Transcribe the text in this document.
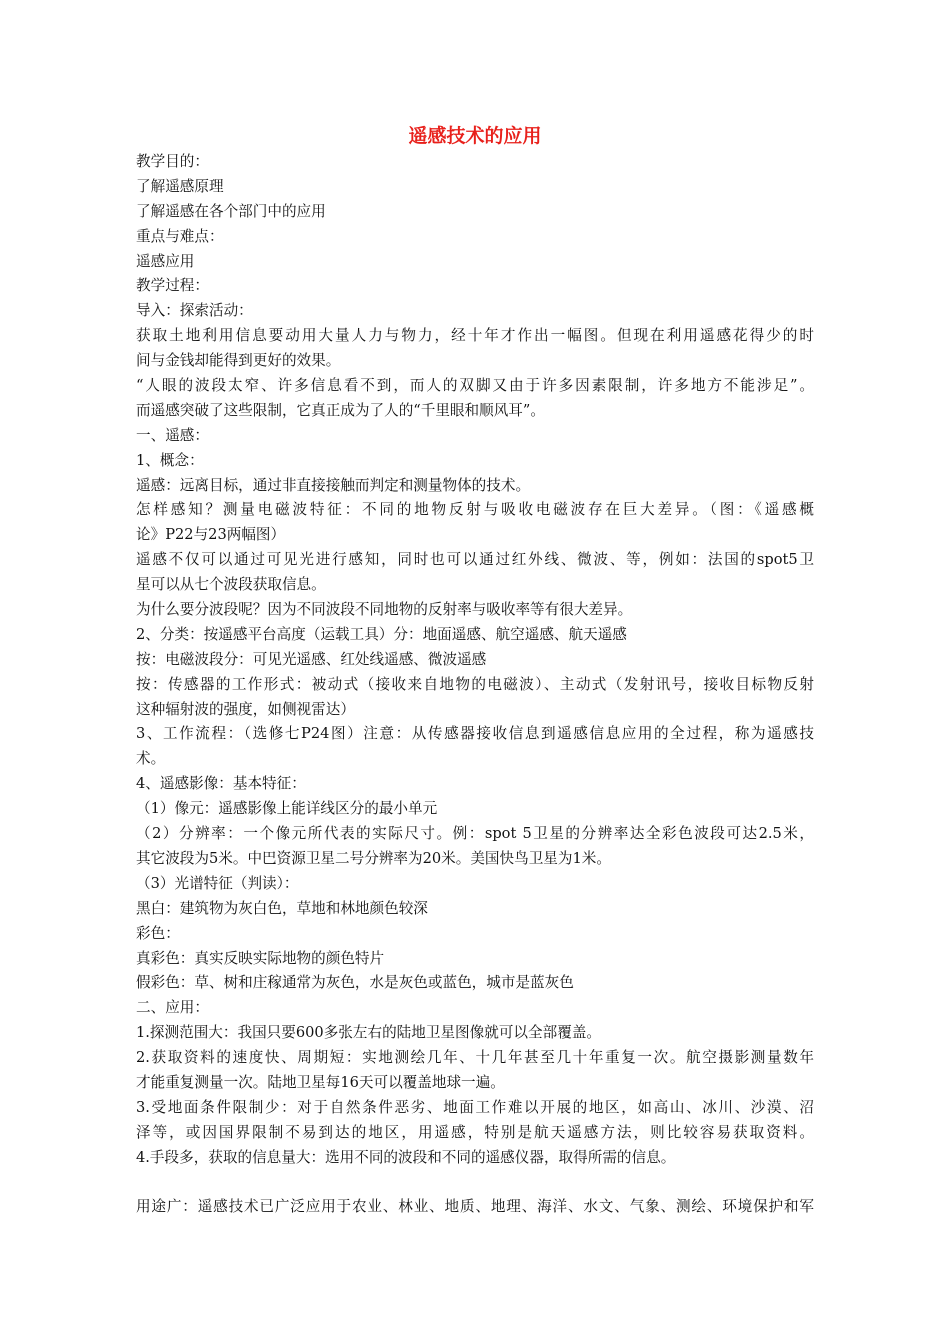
遥感技术的应用
教学目的：
了解遥感原理
了解遥感在各个部门中的应用
重点与难点：
遥感应用
教学过程：
导入：探索活动：
获取土地利用信息要动用大量人力与物力，经十年才作出一幅图。但现在利用遥感花得少的时
间与金钱却能得到更好的效果。
“人眼的波段太窄、许多信息看不到，而人的双脚又由于许多因素限制，许多地方不能涉足”。
而遥感突破了这些限制，它真正成为了人的“千里眼和顺风耳”。
一、遥感：
1、概念：
遥感：远离目标，通过非直接接触而判定和测量物体的技术。
怎样感知？测量电磁波特征：不同的地物反射与吸收电磁波存在巨大差异。（图：《遥感概
论》P22与23两幅图）
遥感不仅可以通过可见光进行感知，同时也可以通过红外线、微波、等，例如：法国的spot5卫
星可以从七个波段获取信息。
为什么要分波段呢？因为不同波段不同地物的反射率与吸收率等有很大差异。
2、分类：按遥感平台高度（运载工具）分：地面遥感、航空遥感、航天遥感
按：电磁波段分：可见光遥感、红处线遥感、微波遥感
按：传感器的工作形式：被动式（接收来自地物的电磁波）、主动式（发射讯号，接收目标物反射
这种辐射波的强度，如侧视雷达）
3、工作流程：（选修七P24图）注意：从传感器接收信息到遥感信息应用的全过程，称为遥感技
术。
4、遥感影像：基本特征：
（1）像元：遥感影像上能详线区分的最小单元
（2）分辨率：一个像元所代表的实际尺寸。例：spot 5卫星的分辨率达全彩色波段可达2.5米，
其它波段为5米。中巴资源卫星二号分辨率为20米。美国快鸟卫星为1米。
（3）光谱特征（判读）：
黑白：建筑物为灰白色，草地和林地颜色较深
彩色：
真彩色：真实反映实际地物的颜色特片
假彩色：草、树和庄稼通常为灰色，水是灰色或蓝色，城市是蓝灰色
二、应用：
1.探测范围大：我国只要600多张左右的陆地卫星图像就可以全部覆盖。
2.获取资料的速度快、周期短：实地测绘几年、十几年甚至几十年重复一次。航空摄影测量数年
才能重复测量一次。陆地卫星每16天可以覆盖地球一遍。
3.受地面条件限制少：对于自然条件恶劣、地面工作难以开展的地区，如高山、冰川、沙漠、沼
泽等，或因国界限制不易到达的地区，用遥感，特别是航天遥感方法，则比较容易获取资料。
4.手段多，获取的信息量大：选用不同的波段和不同的遥感仪器，取得所需的信息。
用途广：遥感技术已广泛应用于农业、林业、地质、地理、海洋、水文、气象、测绘、环境保护和军
